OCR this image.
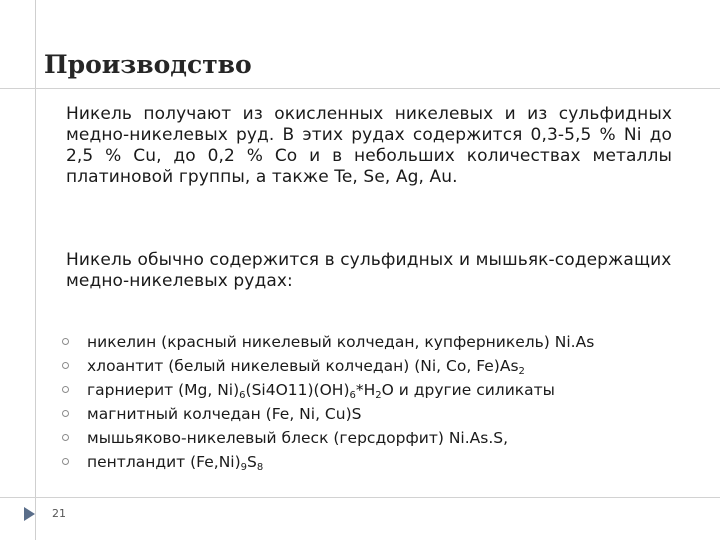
Производство

Никель получают из окисленных никелевых и из сульфидных медно-никелевых руд. В этих рудах содержится 0,3-5,5 % Ni до 2,5 % Cu, до 0,2 % Co и в небольших количествах металлы платиновой группы, а также Te, Se, Ag, Au.

Никель обычно содержится в сульфидных и мышьяк-содержащих медно-никелевых рудах:

никелин (красный никелевый колчедан, купферникель) Ni.As
хлоантит (белый никелевый колчедан) (Ni, Co, $Fe)As_2$
гарниерит (Mg, $Ni)_6(Si4O11)(OH)_6*H_2O$ и другие силикаты
магнитный колчедан (Fe, Ni, Cu)S
мышьяково-никелевый блеск (герсдорфит) Ni.As.S,
пентландит $(Fe,Ni)_9S_8$
21
